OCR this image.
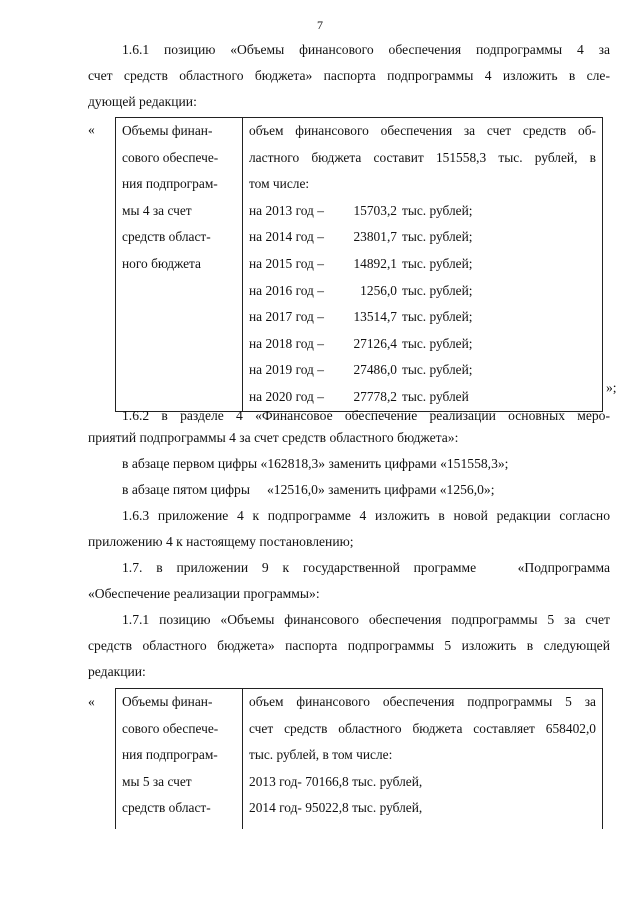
7
1.6.1 позицию «Объемы финансового обеспечения подпрограммы 4 за
счет средств областного бюджета» паспорта подпрограммы 4 изложить в сле-
дующей редакции:
«	Объемы финан-
сового обеспече-
ния подпрограм-
мы 4 за счет
средств област-
ного бюджета

объем финансового обеспечения за счет средств об-
ластного бюджета составит 151558,3 тыс. рублей, в
том числе:
на 2013 год – 15703,2 тыс. рублей;
на 2014 год – 23801,7 тыс. рублей;
на 2015 год – 14892,1 тыс. рублей;
на 2016 год –	1256,0 тыс. рублей;
на 2017 год – 13514,7 тыс. рублей;
на 2018 год – 27126,4 тыс. рублей;
на 2019 год – 27486,0 тыс. рублей;
на 2020 год – 27778,2 тыс. рублей
»;
1.6.2 в разделе 4 «Финансовое обеспечение реализации основных меро-
приятий подпрограммы 4 за счет средств областного бюджета»:
в абзаце первом цифры «162818,3» заменить цифрами «151558,3»;
в абзаце пятом цифры     «12516,0» заменить цифрами «1256,0»;
1.6.3 приложение 4 к подпрограмме 4 изложить в новой редакции согласно
приложению 4 к настоящему постановлению;
1.7. в приложении 9 к государственной программе   «Подпрограмма
«Обеспечение реализации программы»:
1.7.1 позицию «Объемы финансового обеспечения подпрограммы 5 за счет
средств областного бюджета» паспорта подпрограммы 5 изложить в следующей
редакции:
«	Объемы финан-
сового обеспече-
ния подпрограм-
мы 5 за счет
средств област-

объем финансового обеспечения подпрограммы 5 за
счет средств областного бюджета составляет 658402,0
тыс. рублей, в том числе:
2013 год- 70166,8 тыс. рублей,
2014 год- 95022,8 тыс. рублей,
